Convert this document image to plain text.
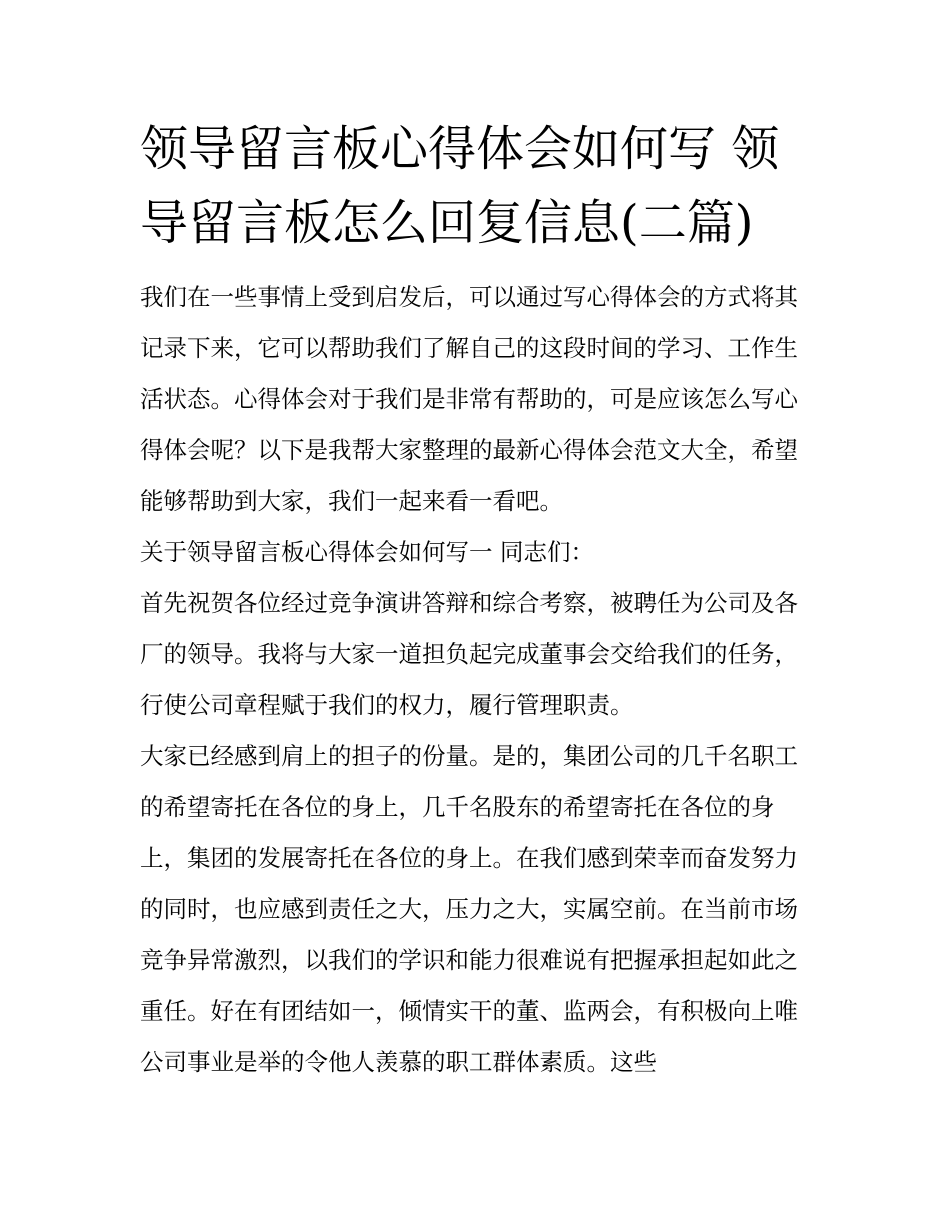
领导留言板心得体会如何写 领导留言板怎么回复信息(二篇)

我们在一些事情上受到启发后，可以通过写心得体会的方式将其记录下来，它可以帮助我们了解自己的这段时间的学习、工作生活状态。心得体会对于我们是非常有帮助的，可是应该怎么写心得体会呢？以下是我帮大家整理的最新心得体会范文大全，希望能够帮助到大家，我们一起来看一看吧。

关于领导留言板心得体会如何写一 同志们：

首先祝贺各位经过竞争演讲答辩和综合考察，被聘任为公司及各厂的领导。我将与大家一道担负起完成董事会交给我们的任务，行使公司章程赋于我们的权力，履行管理职责。

大家已经感到肩上的担子的份量。是的，集团公司的几千名职工的希望寄托在各位的身上，几千名股东的希望寄托在各位的身上，集团的发展寄托在各位的身上。在我们感到荣幸而奋发努力的同时，也应感到责任之大，压力之大，实属空前。在当前市场竞争异常激烈，以我们的学识和能力很难说有把握承担起如此之重任。好在有团结如一，倾情实干的董、监两会，有积极向上唯公司事业是举的令他人羡慕的职工群体素质。这些
